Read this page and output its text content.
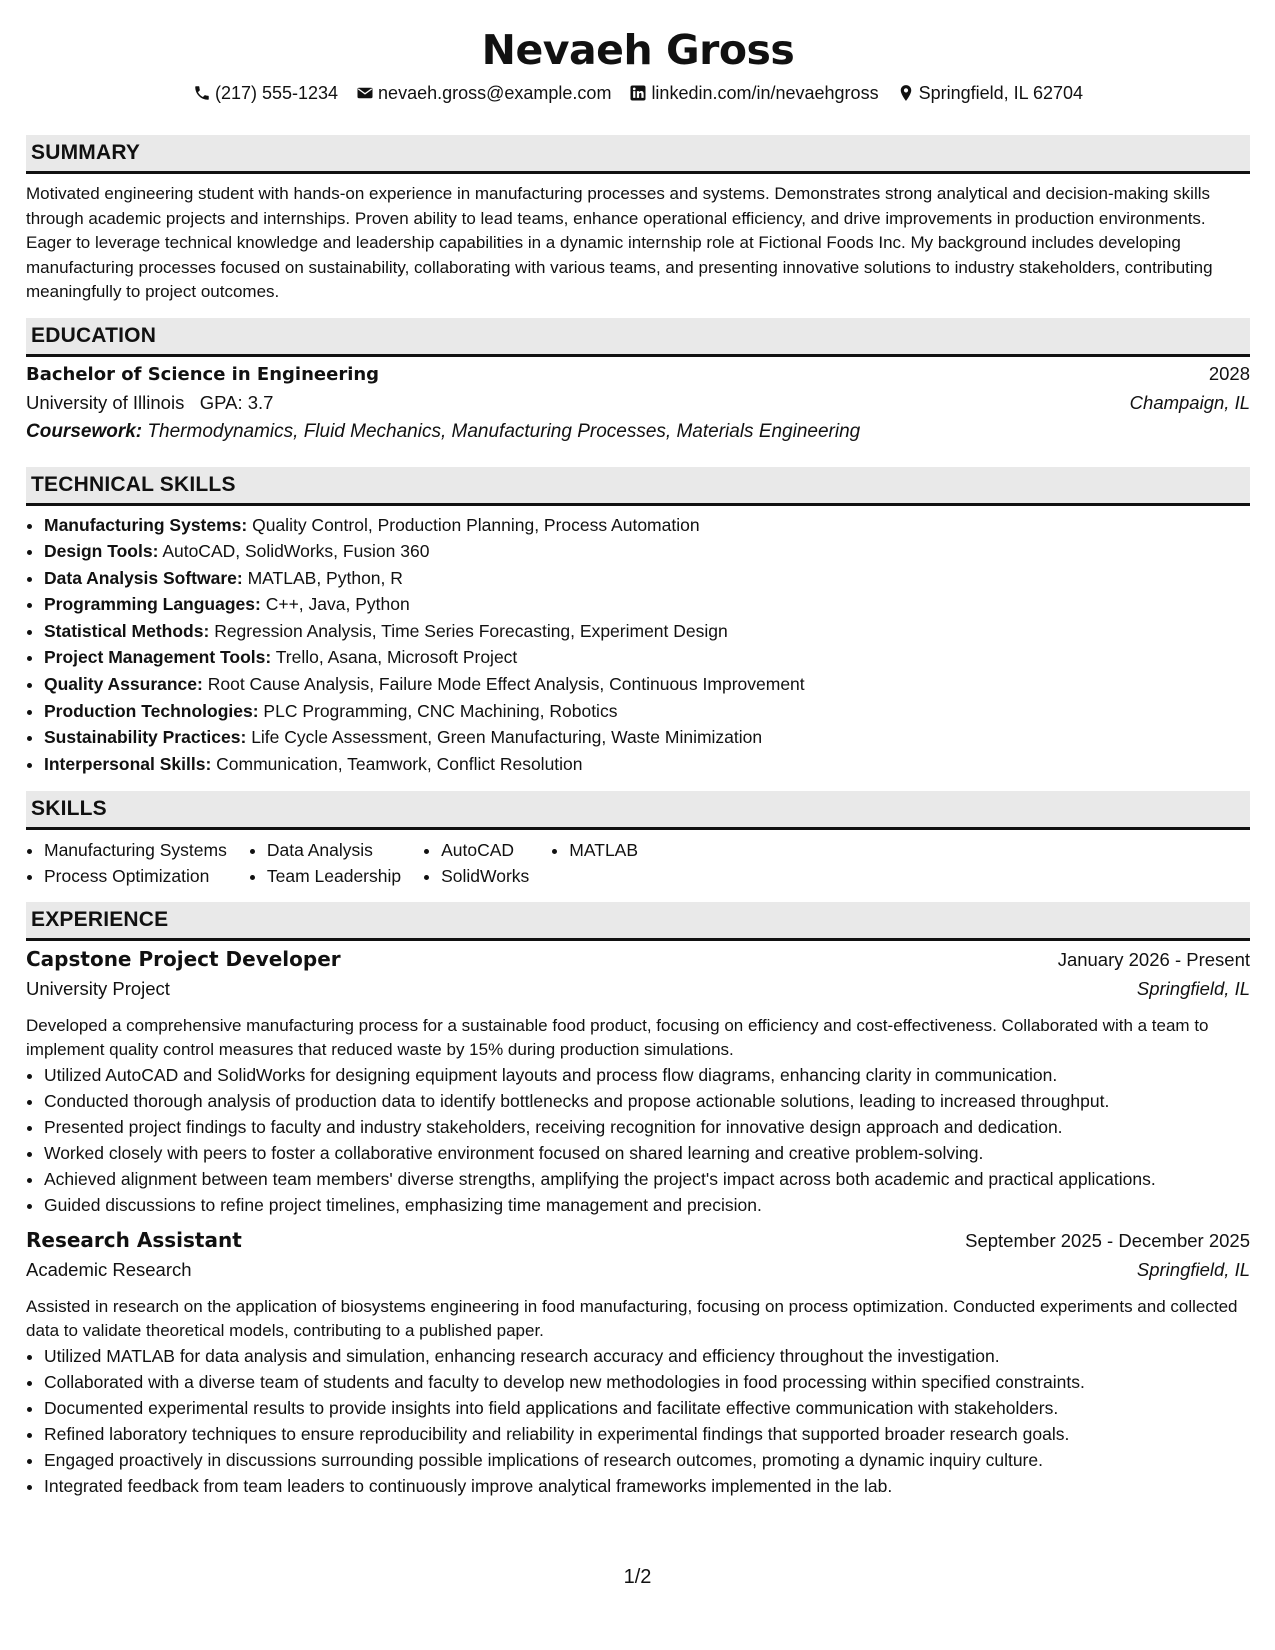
Nevaeh Gross
(217) 555-1234 nevaeh.gross@example.com linkedin.com/in/nevaehgross Springfield, IL 62704
SUMMARY

Motivated engineering student with hands-on experience in manufacturing processes and systems. Demonstrates strong analytical and decision-making skills through academic projects and internships. Proven ability to lead teams, enhance operational efficiency, and drive improvements in production environments. Eager to leverage technical knowledge and leadership capabilities in a dynamic internship role at Fictional Foods Inc. My background includes developing manufacturing processes focused on sustainability, collaborating with various teams, and presenting innovative solutions to industry stakeholders, contributing meaningfully to project outcomes.

EDUCATION
Bachelor of Science in Engineering	2028
University of Illinois GPA: 3.7	Champaign, IL
Coursework: Thermodynamics, Fluid Mechanics, Manufacturing Processes, Materials Engineering
TECHNICAL SKILLS
• Manufacturing Systems: Quality Control, Production Planning, Process Automation
• Design Tools: AutoCAD, SolidWorks, Fusion 360
• Data Analysis Software: MATLAB, Python, R
• Programming Languages: C++, Java, Python
• Statistical Methods: Regression Analysis, Time Series Forecasting, Experiment Design
• Project Management Tools: Trello, Asana, Microsoft Project
• Quality Assurance: Root Cause Analysis, Failure Mode Effect Analysis, Continuous Improvement
• Production Technologies: PLC Programming, CNC Machining, Robotics
• Sustainability Practices: Life Cycle Assessment, Green Manufacturing, Waste Minimization
• Interpersonal Skills: Communication, Teamwork, Conflict Resolution
SKILLS
• Manufacturing Systems
• Process Optimization
• Data Analysis
• Team Leadership
• AutoCAD
• SolidWorks
• MATLAB
EXPERIENCE
Capstone Project Developer	January 2026 - Present
University Project	Springfield, IL

Developed a comprehensive manufacturing process for a sustainable food product, focusing on efficiency and cost-effectiveness. Collaborated with a team to implement quality control measures that reduced waste by 15% during production simulations.

• Utilized AutoCAD and SolidWorks for designing equipment layouts and process flow diagrams, enhancing clarity in communication.
• Conducted thorough analysis of production data to identify bottlenecks and propose actionable solutions, leading to increased throughput.
• Presented project findings to faculty and industry stakeholders, receiving recognition for innovative design approach and dedication.
• Worked closely with peers to foster a collaborative environment focused on shared learning and creative problem-solving.
• Achieved alignment between team members' diverse strengths, amplifying the project's impact across both academic and practical applications.
• Guided discussions to refine project timelines, emphasizing time management and precision.
Research Assistant	September 2025 - December 2025
Academic Research	Springfield, IL

Assisted in research on the application of biosystems engineering in food manufacturing, focusing on process optimization. Conducted experiments and collected data to validate theoretical models, contributing to a published paper.

• Utilized MATLAB for data analysis and simulation, enhancing research accuracy and efficiency throughout the investigation.
• Collaborated with a diverse team of students and faculty to develop new methodologies in food processing within specified constraints.
• Documented experimental results to provide insights into field applications and facilitate effective communication with stakeholders.
• Refined laboratory techniques to ensure reproducibility and reliability in experimental findings that supported broader research goals.
• Engaged proactively in discussions surrounding possible implications of research outcomes, promoting a dynamic inquiry culture.
• Integrated feedback from team leaders to continuously improve analytical frameworks implemented in the lab.
1/2
